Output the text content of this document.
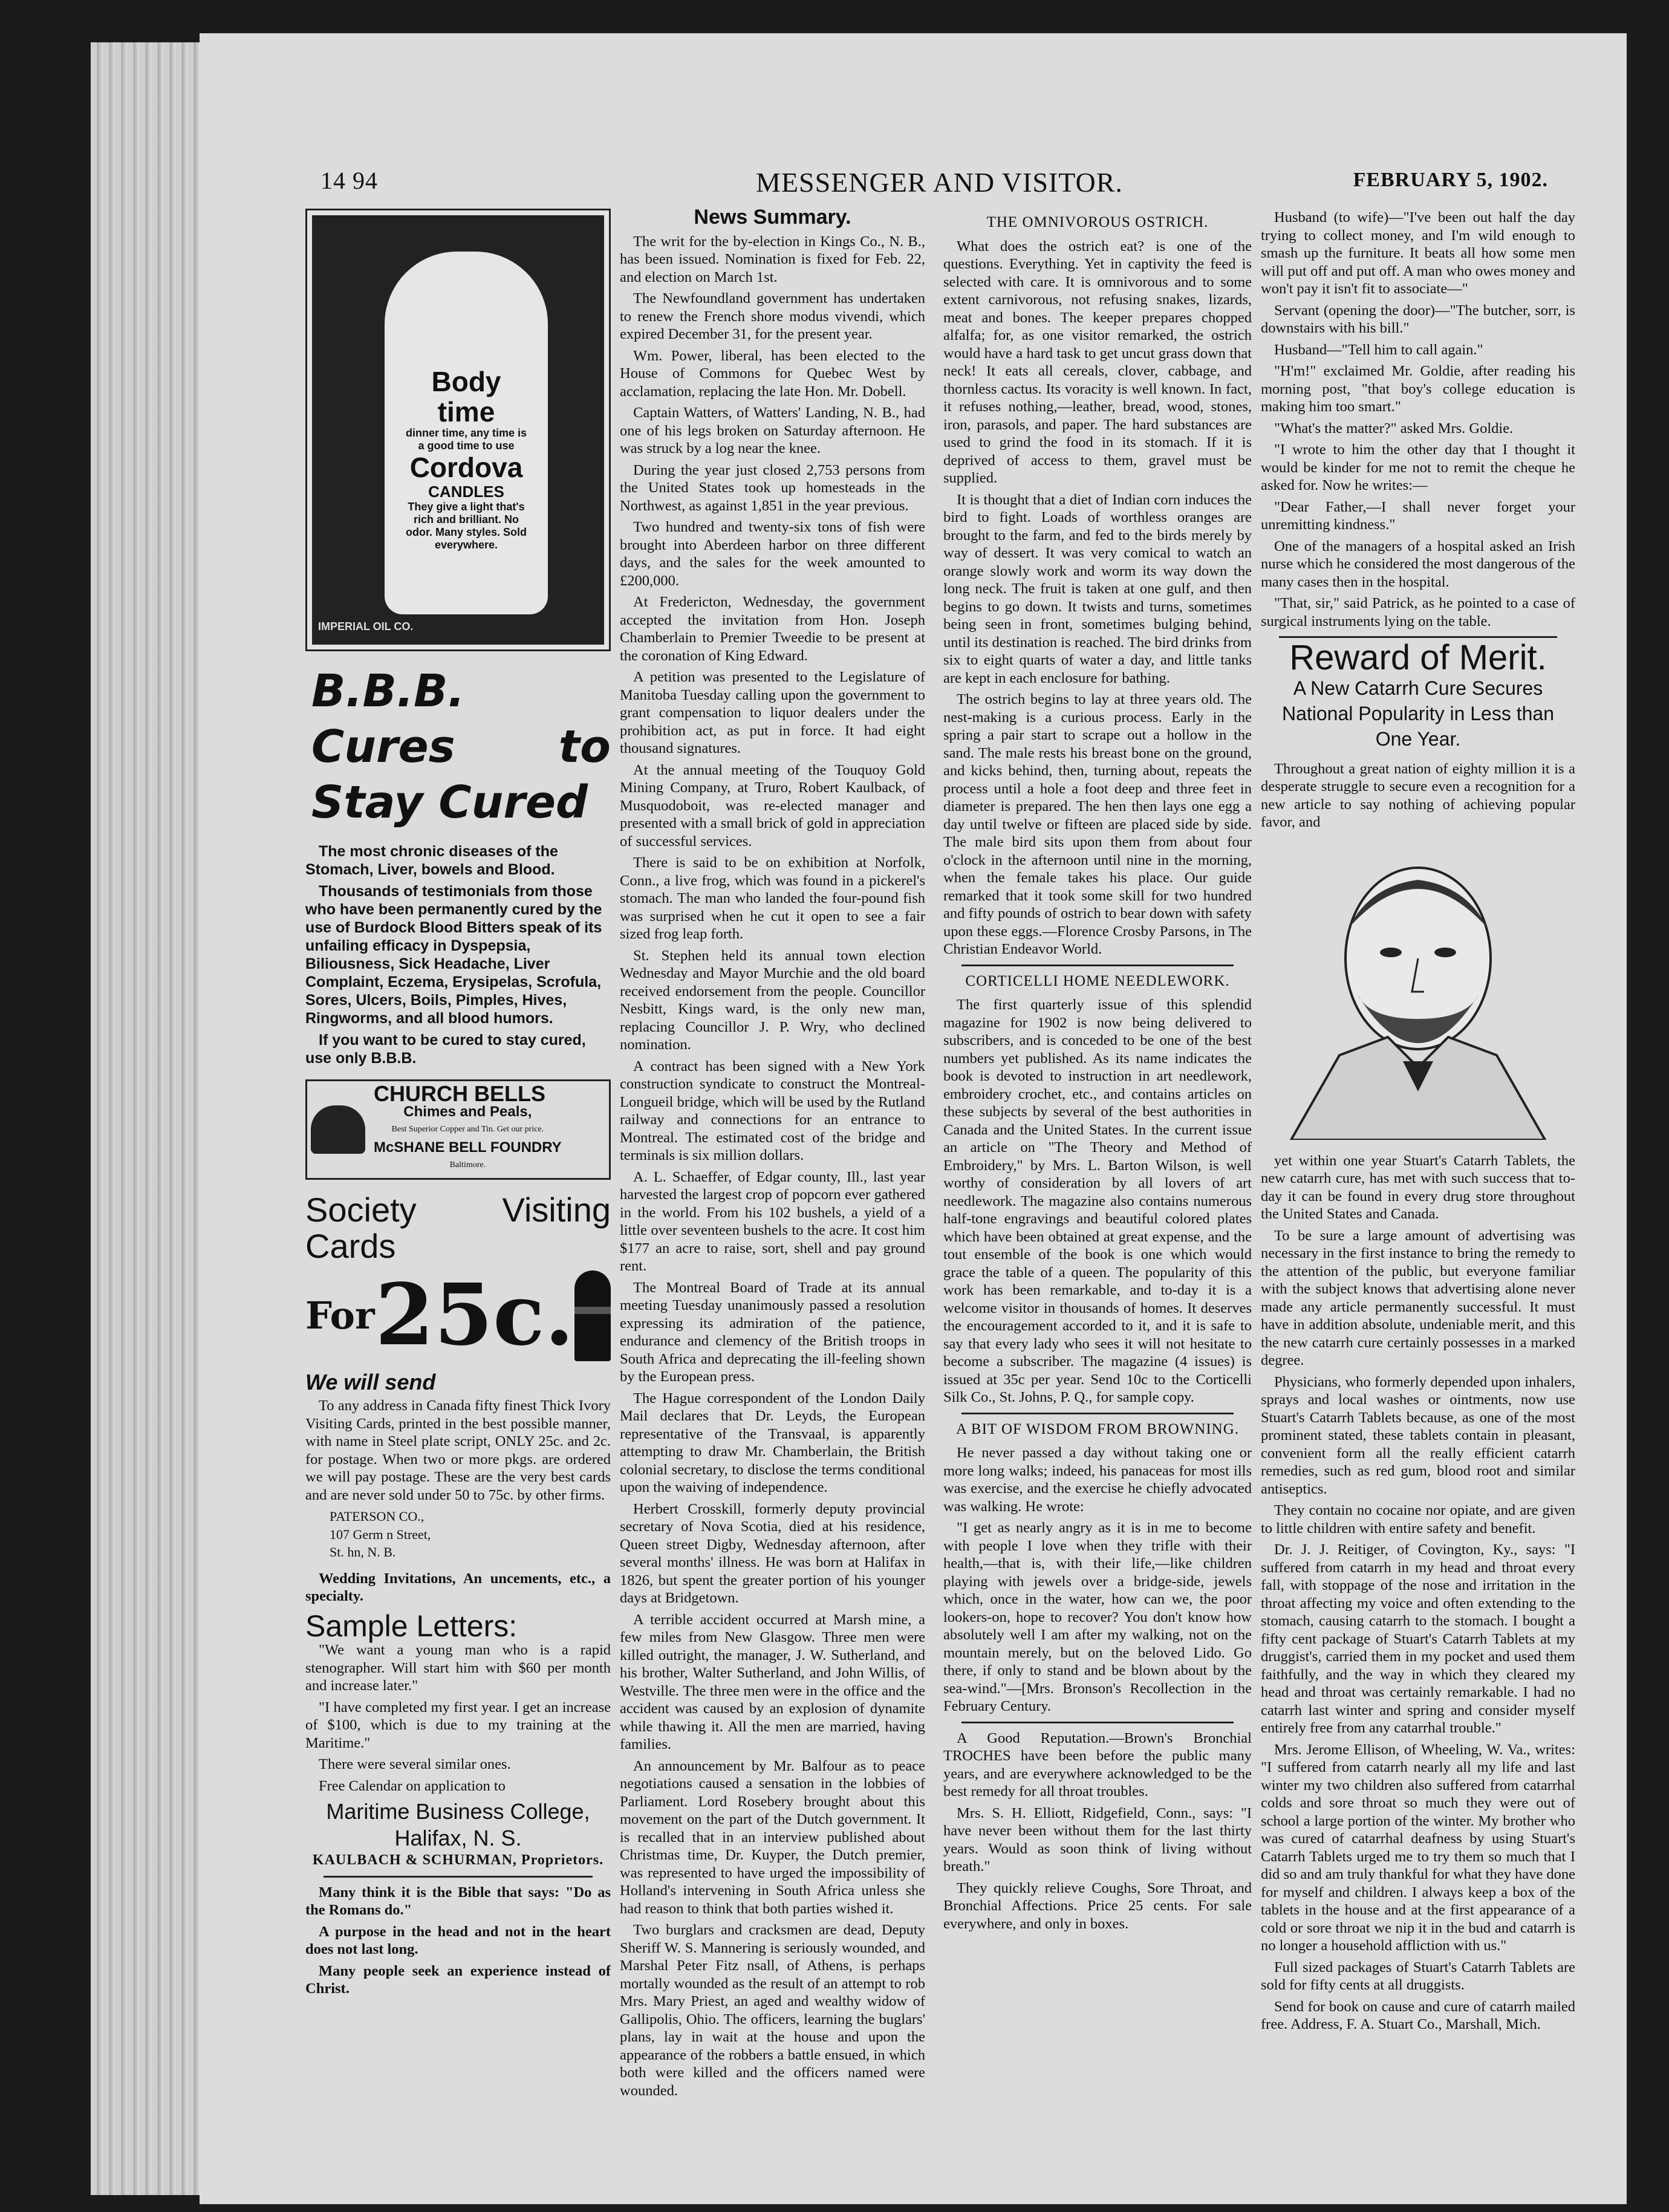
14 94	MESSENGER AND VISITOR.	FEBRUARY 5, 1902.
Body time
dinner time, any time is a good time to use
Cordova
CANDLES
They give a light that's rich and brilliant. No odor. Many styles. Sold everywhere.
IMPERIAL OIL CO.
B.B.B. Cures to Stay Cured

The most chronic diseases of the Stomach, Liver, bowels and Blood.

Thousands of testimonials from those who have been permanently cured by the use of Burdock Blood Bitters speak of its unfailing efficacy in Dyspepsia, Biliousness, Sick Headache, Liver Complaint, Eczema, Erysipelas, Scrofula, Sores, Ulcers, Boils, Pimples, Hives, Ringworms, and all blood humors.

If you want to be cured to stay cured, use only B.B.B.

CHURCH BELLS
Chimes and Peals,
Best Superior Copper and Tin. Get our price.
McSHANE BELL FOUNDRY
Baltimore.
Society Visiting Cards
For 25c.
We will send

To any address in Canada fifty finest Thick Ivory Visiting Cards, printed in the best possible manner, with name in Steel plate script, ONLY 25c. and 2c. for postage. When two or more pkgs. are ordered we will pay postage. These are the very best cards and are never sold under 50 to 75c. by other firms.

PATERSON CO.,
107 Germ n Street,
St. hn, N. B.

Wedding Invitations, An uncements, etc., a specialty.

Sample Letters:

"We want a young man who is a rapid stenographer. Will start him with $60 per month and increase later."

"I have completed my first year. I get an increase of $100, which is due to my training at the Maritime."

There were several similar ones.

Free Calendar on application to

Maritime Business College,
Halifax, N. S.
KAULBACH & SCHURMAN, Proprietors.

Many think it is the Bible that says: "Do as the Romans do."

A purpose in the head and not in the heart does not last long.

Many people seek an experience instead of Christ.

News Summary.

The writ for the by-election in Kings Co., N. B., has been issued. Nomination is fixed for Feb. 22, and election on March 1st.

The Newfoundland government has undertaken to renew the French shore modus vivendi, which expired December 31, for the present year.

Wm. Power, liberal, has been elected to the House of Commons for Quebec West by acclamation, replacing the late Hon. Mr. Dobell.

Captain Watters, of Watters' Landing, N. B., had one of his legs broken on Saturday afternoon. He was struck by a log near the knee.

During the year just closed 2,753 persons from the United States took up homesteads in the Northwest, as against 1,851 in the year previous.

Two hundred and twenty-six tons of fish were brought into Aberdeen harbor on three different days, and the sales for the week amounted to £200,000.

At Fredericton, Wednesday, the government accepted the invitation from Hon. Joseph Chamberlain to Premier Tweedie to be present at the coronation of King Edward.

A petition was presented to the Legislature of Manitoba Tuesday calling upon the government to grant compensation to liquor dealers under the prohibition act, as put in force. It had eight thousand signatures.

At the annual meeting of the Touquoy Gold Mining Company, at Truro, Robert Kaulback, of Musquodoboit, was re-elected manager and presented with a small brick of gold in appreciation of successful services.

There is said to be on exhibition at Norfolk, Conn., a live frog, which was found in a pickerel's stomach. The man who landed the four-pound fish was surprised when he cut it open to see a fair sized frog leap forth.

St. Stephen held its annual town election Wednesday and Mayor Murchie and the old board received endorsement from the people. Councillor Nesbitt, Kings ward, is the only new man, replacing Councillor J. P. Wry, who declined nomination.

A contract has been signed with a New York construction syndicate to construct the Montreal-Longueil bridge, which will be used by the Rutland railway and connections for an entrance to Montreal. The estimated cost of the bridge and terminals is six million dollars.

A. L. Schaeffer, of Edgar county, Ill., last year harvested the largest crop of popcorn ever gathered in the world. From his 102 bushels, a yield of a little over seventeen bushels to the acre. It cost him $177 an acre to raise, sort, shell and pay ground rent.

The Montreal Board of Trade at its annual meeting Tuesday unanimously passed a resolution expressing its admiration of the patience, endurance and clemency of the British troops in South Africa and deprecating the ill-feeling shown by the European press.

The Hague correspondent of the London Daily Mail declares that Dr. Leyds, the European representative of the Transvaal, is apparently attempting to draw Mr. Chamberlain, the British colonial secretary, to disclose the terms conditional upon the waiving of independence.

Herbert Crosskill, formerly deputy provincial secretary of Nova Scotia, died at his residence, Queen street Digby, Wednesday afternoon, after several months' illness. He was born at Halifax in 1826, but spent the greater portion of his younger days at Bridgetown.

A terrible accident occurred at Marsh mine, a few miles from New Glasgow. Three men were killed outright, the manager, J. W. Sutherland, and his brother, Walter Sutherland, and John Willis, of Westville. The three men were in the office and the accident was caused by an explosion of dynamite while thawing it. All the men are married, having families.

An announcement by Mr. Balfour as to peace negotiations caused a sensation in the lobbies of Parliament. Lord Rosebery brought about this movement on the part of the Dutch government. It is recalled that in an interview published about Christmas time, Dr. Kuyper, the Dutch premier, was represented to have urged the impossibility of Holland's intervening in South Africa unless she had reason to think that both parties wished it.

Two burglars and cracksmen are dead, Deputy Sheriff W. S. Mannering is seriously wounded, and Marshal Peter Fitz nsall, of Athens, is perhaps mortally wounded as the result of an attempt to rob Mrs. Mary Priest, an aged and wealthy widow of Gallipolis, Ohio. The officers, learning the buglars' plans, lay in wait at the house and upon the appearance of the robbers a battle ensued, in which both were killed and the officers named were wounded.

THE OMNIVOROUS OSTRICH.

What does the ostrich eat? is one of the questions. Everything. Yet in captivity the feed is selected with care. It is omnivorous and to some extent carnivorous, not refusing snakes, lizards, meat and bones. The keeper prepares chopped alfalfa; for, as one visitor remarked, the ostrich would have a hard task to get uncut grass down that neck! It eats all cereals, clover, cabbage, and thornless cactus. Its voracity is well known. In fact, it refuses nothing,—leather, bread, wood, stones, iron, parasols, and paper. The hard substances are used to grind the food in its stomach. If it is deprived of access to them, gravel must be supplied.

It is thought that a diet of Indian corn induces the bird to fight. Loads of worthless oranges are brought to the farm, and fed to the birds merely by way of dessert. It was very comical to watch an orange slowly work and worm its way down the long neck. The fruit is taken at one gulf, and then begins to go down. It twists and turns, sometimes being seen in front, sometimes bulging behind, until its destination is reached. The bird drinks from six to eight quarts of water a day, and little tanks are kept in each enclosure for bathing.

The ostrich begins to lay at three years old. The nest-making is a curious process. Early in the spring a pair start to scrape out a hollow in the sand. The male rests his breast bone on the ground, and kicks behind, then, turning about, repeats the process until a hole a foot deep and three feet in diameter is prepared. The hen then lays one egg a day until twelve or fifteen are placed side by side. The male bird sits upon them from about four o'clock in the afternoon until nine in the morning, when the female takes his place. Our guide remarked that it took some skill for two hundred and fifty pounds of ostrich to bear down with safety upon these eggs.—Florence Crosby Parsons, in The Christian Endeavor World.

CORTICELLI HOME NEEDLEWORK.

The first quarterly issue of this splendid magazine for 1902 is now being delivered to subscribers, and is conceded to be one of the best numbers yet published. As its name indicates the book is devoted to instruction in art needlework, embroidery crochet, etc., and contains articles on these subjects by several of the best authorities in Canada and the United States. In the current issue an article on "The Theory and Method of Embroidery," by Mrs. L. Barton Wilson, is well worthy of consideration by all lovers of art needlework. The magazine also contains numerous half-tone engravings and beautiful colored plates which have been obtained at great expense, and the tout ensemble of the book is one which would grace the table of a queen. The popularity of this work has been remarkable, and to-day it is a welcome visitor in thousands of homes. It deserves the encouragement accorded to it, and it is safe to say that every lady who sees it will not hesitate to become a subscriber. The magazine (4 issues) is issued at 35c per year. Send 10c to the Corticelli Silk Co., St. Johns, P. Q., for sample copy.

A BIT OF WISDOM FROM BROWNING.

He never passed a day without taking one or more long walks; indeed, his panaceas for most ills was exercise, and the exercise he chiefly advocated was walking. He wrote:

"I get as nearly angry as it is in me to become with people I love when they trifle with their health,—that is, with their life,—like children playing with jewels over a bridge-side, jewels which, once in the water, how can we, the poor lookers-on, hope to recover? You don't know how absolutely well I am after my walking, not on the mountain merely, but on the beloved Lido. Go there, if only to stand and be blown about by the sea-wind."—[Mrs. Bronson's Recollection in the February Century.

A Good Reputation.—Brown's Bronchial TROCHES have been before the public many years, and are everywhere acknowledged to be the best remedy for all throat troubles.

Mrs. S. H. Elliott, Ridgefield, Conn., says: "I have never been without them for the last thirty years. Would as soon think of living without breath."

They quickly relieve Coughs, Sore Throat, and Bronchial Affections. Price 25 cents. For sale everywhere, and only in boxes.

Husband (to wife)—"I've been out half the day trying to collect money, and I'm wild enough to smash up the furniture. It beats all how some men will put off and put off. A man who owes money and won't pay it isn't fit to associate—"

Servant (opening the door)—"The butcher, sorr, is downstairs with his bill."

Husband—"Tell him to call again."

"H'm!" exclaimed Mr. Goldie, after reading his morning post, "that boy's college education is making him too smart."

"What's the matter?" asked Mrs. Goldie.

"I wrote to him the other day that I thought it would be kinder for me not to remit the cheque he asked for. Now he writes:—

"Dear Father,—I shall never forget your unremitting kindness."

One of the managers of a hospital asked an Irish nurse which he considered the most dangerous of the many cases then in the hospital.

"That, sir," said Patrick, as he pointed to a case of surgical instruments lying on the table.

Reward of Merit.
A New Catarrh Cure Secures National Popularity in Less than One Year.

Throughout a great nation of eighty million it is a desperate struggle to secure even a recognition for a new article to say nothing of achieving popular favor, and

yet within one year Stuart's Catarrh Tablets, the new catarrh cure, has met with such success that to-day it can be found in every drug store throughout the United States and Canada.

To be sure a large amount of advertising was necessary in the first instance to bring the remedy to the attention of the public, but everyone familiar with the subject knows that advertising alone never made any article permanently successful. It must have in addition absolute, undeniable merit, and this the new catarrh cure certainly possesses in a marked degree.

Physicians, who formerly depended upon inhalers, sprays and local washes or ointments, now use Stuart's Catarrh Tablets because, as one of the most prominent stated, these tablets contain in pleasant, convenient form all the really efficient catarrh remedies, such as red gum, blood root and similar antiseptics.

They contain no cocaine nor opiate, and are given to little children with entire safety and benefit.

Dr. J. J. Reitiger, of Covington, Ky., says: "I suffered from catarrh in my head and throat every fall, with stoppage of the nose and irritation in the throat affecting my voice and often extending to the stomach, causing catarrh to the stomach. I bought a fifty cent package of Stuart's Catarrh Tablets at my druggist's, carried them in my pocket and used them faithfully, and the way in which they cleared my head and throat was certainly remarkable. I had no catarrh last winter and spring and consider myself entirely free from any catarrhal trouble."

Mrs. Jerome Ellison, of Wheeling, W. Va., writes: "I suffered from catarrh nearly all my life and last winter my two children also suffered from catarrhal colds and sore throat so much they were out of school a large portion of the winter. My brother who was cured of catarrhal deafness by using Stuart's Catarrh Tablets urged me to try them so much that I did so and am truly thankful for what they have done for myself and children. I always keep a box of the tablets in the house and at the first appearance of a cold or sore throat we nip it in the bud and catarrh is no longer a household affliction with us."

Full sized packages of Stuart's Catarrh Tablets are sold for fifty cents at all druggists.

Send for book on cause and cure of catarrh mailed free. Address, F. A. Stuart Co., Marshall, Mich.
